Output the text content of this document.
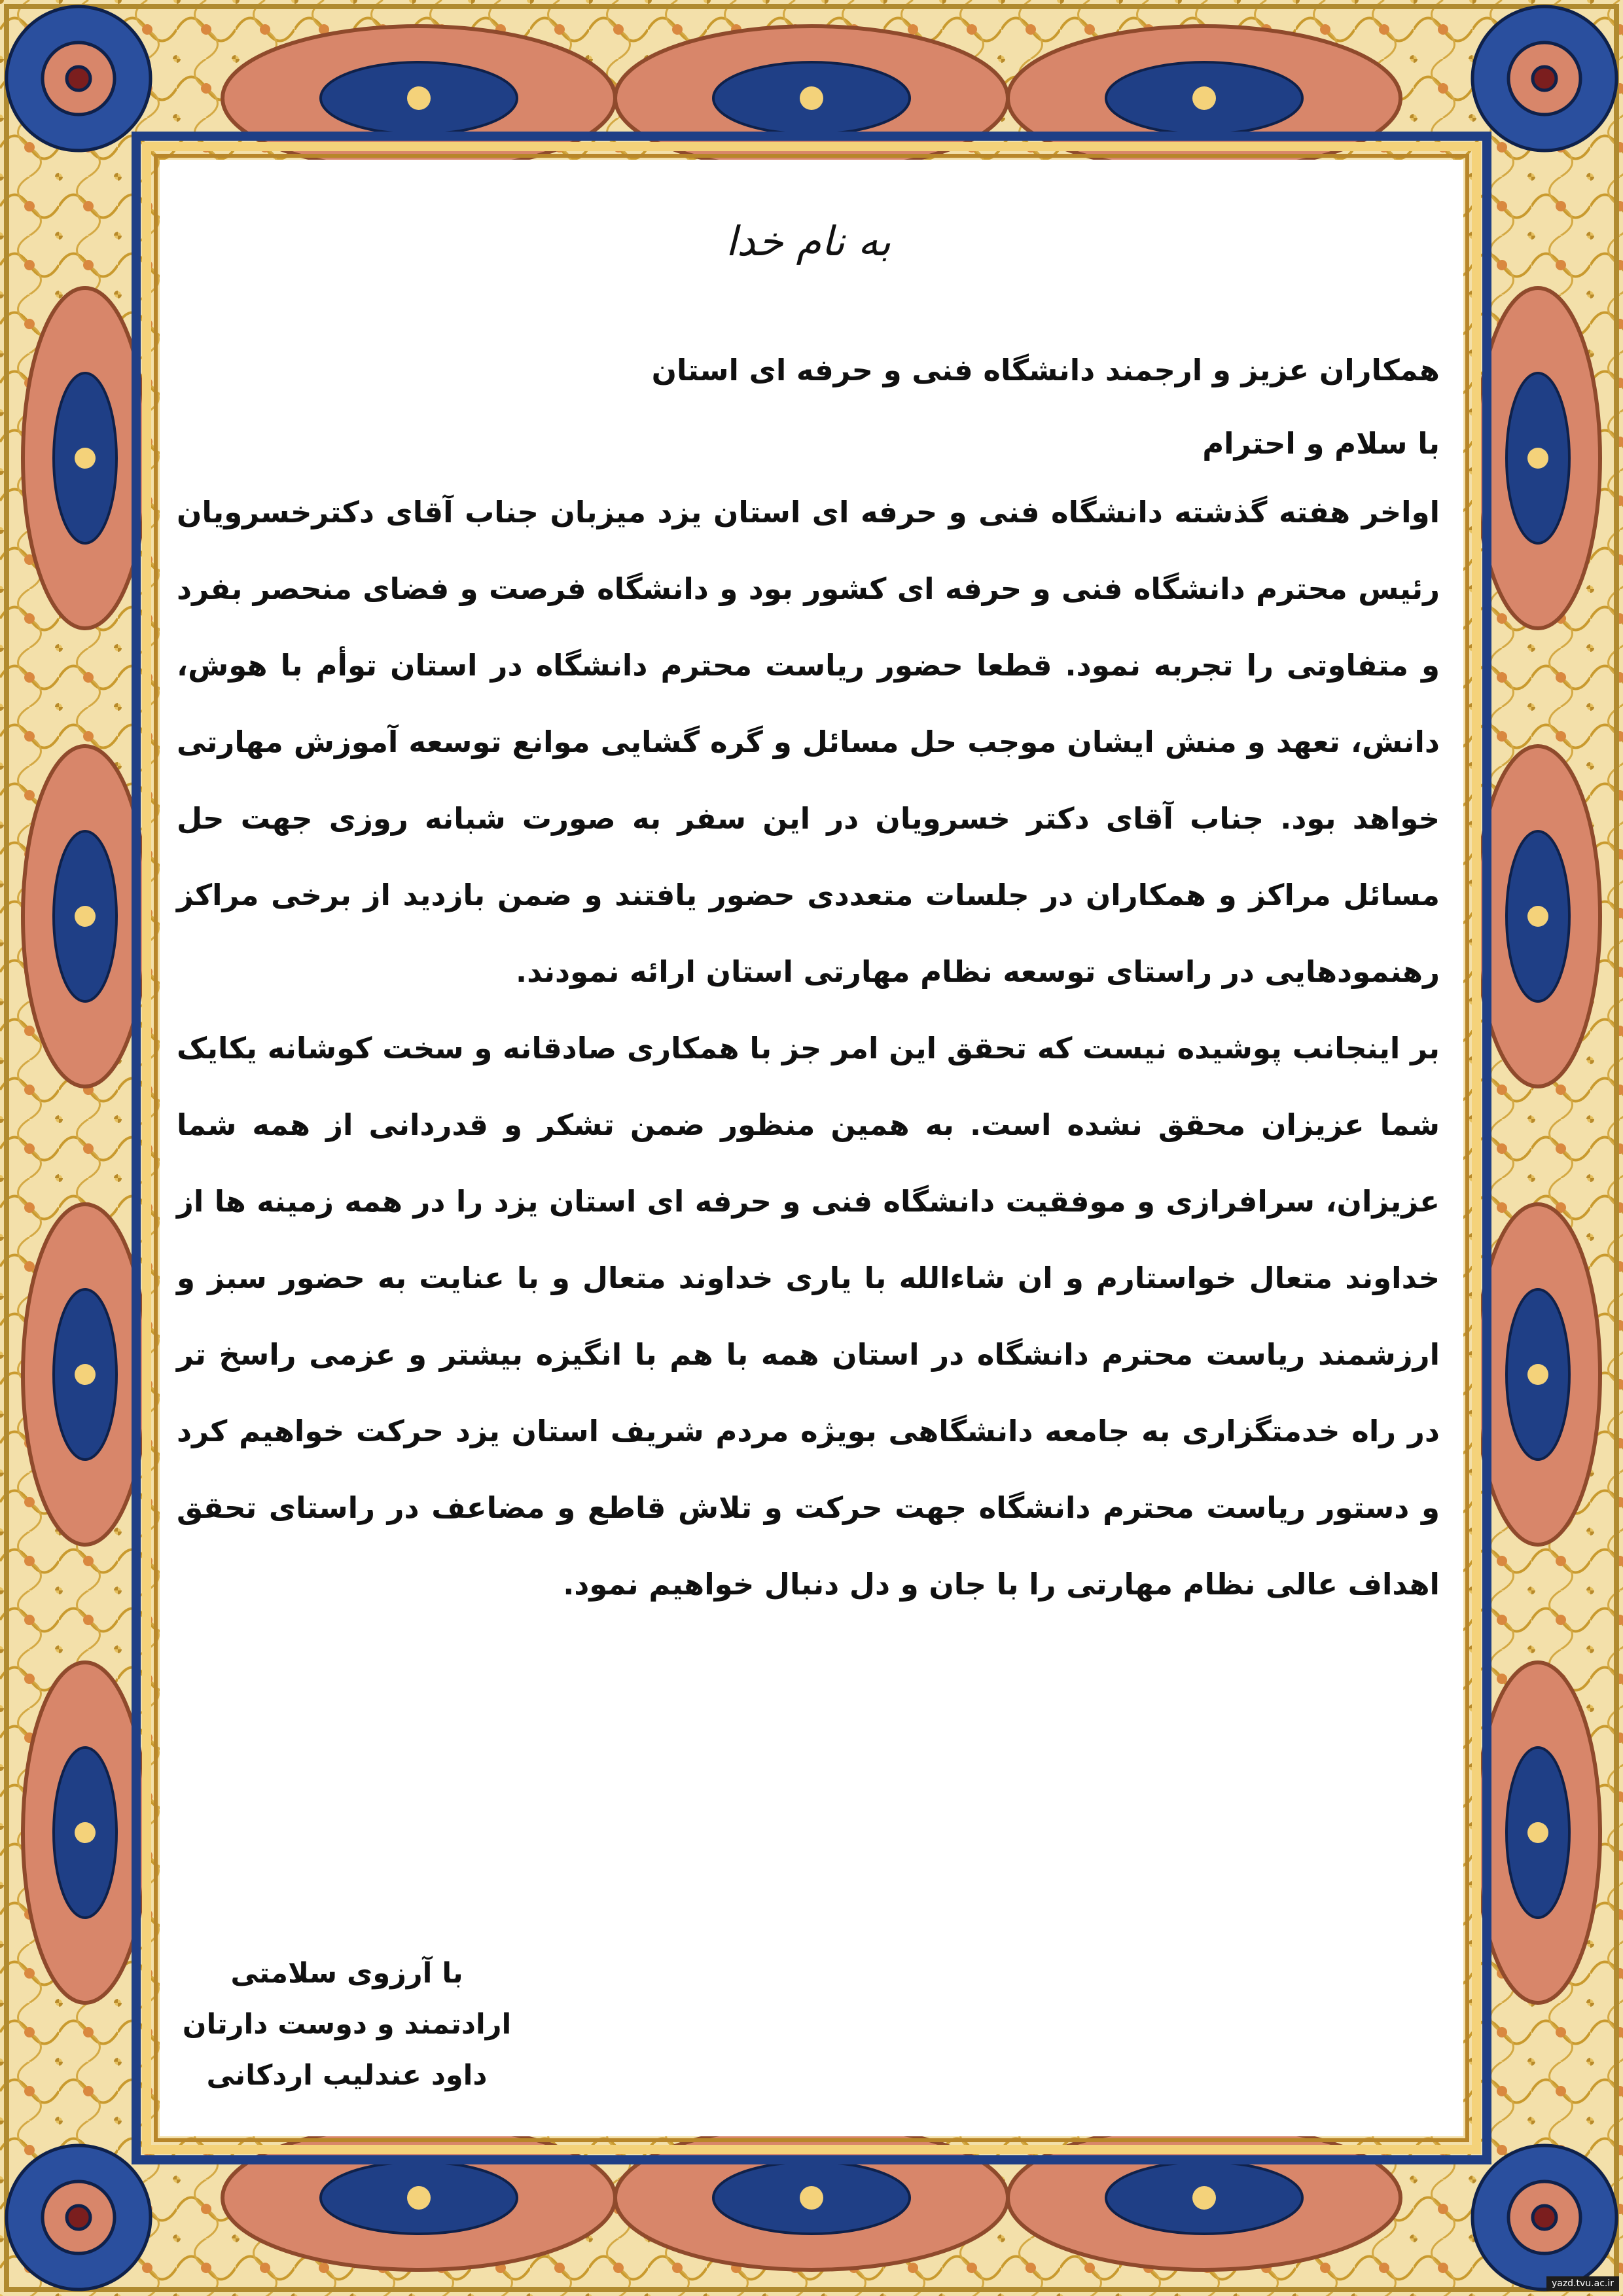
به نام خدا

همکاران عزیز و ارجمند دانشگاه فنی و حرفه ای استان

با سلام و احترام

اواخر هفته گذشته دانشگاه فنی و حرفه ای استان یزد میزبان جناب آقای دکترخسرویان رئیس محترم دانشگاه فنی و حرفه ای کشور بود و دانشگاه فرصت و فضای منحصر بفرد و متفاوتی را تجربه نمود. قطعا حضور ریاست محترم دانشگاه در استان توأم با هوش، دانش، تعهد و منش ایشان موجب حل مسائل و گره گشایی موانع توسعه آموزش مهارتی خواهد بود. جناب آقای دکتر خسرویان در این سفر به صورت شبانه روزی جهت حل مسائل مراکز و همکاران در جلسات متعددی حضور یافتند و ضمن بازدید از برخی مراکز رهنمودهایی در راستای توسعه نظام مهارتی استان ارائه نمودند.

بر اینجانب پوشیده نیست که تحقق این امر جز با همکاری صادقانه و سخت کوشانه یکایک شما عزیزان محقق نشده است. به همین منظور ضمن تشکر و قدردانی از همه شما عزیزان، سرافرازی و موفقیت دانشگاه فنی و حرفه ای استان یزد را در همه زمینه ها از خداوند متعال خواستارم و ان شاءالله با یاری خداوند متعال و با عنایت به حضور سبز و ارزشمند ریاست محترم دانشگاه در استان همه با هم با انگیزه بیشتر و عزمی راسخ تر در راه خدمتگزاری به جامعه دانشگاهی بویژه مردم شریف استان یزد حرکت خواهیم کرد و دستور ریاست محترم دانشگاه جهت حرکت و تلاش قاطع و مضاعف در راستای تحقق اهداف عالی نظام مهارتی را با جان و دل دنبال خواهیم نمود.

با آرزوی سلامتی
ارادتمند و دوست دارتان
داود عندلیب اردکانی
yazd.tvu.ac.ir
